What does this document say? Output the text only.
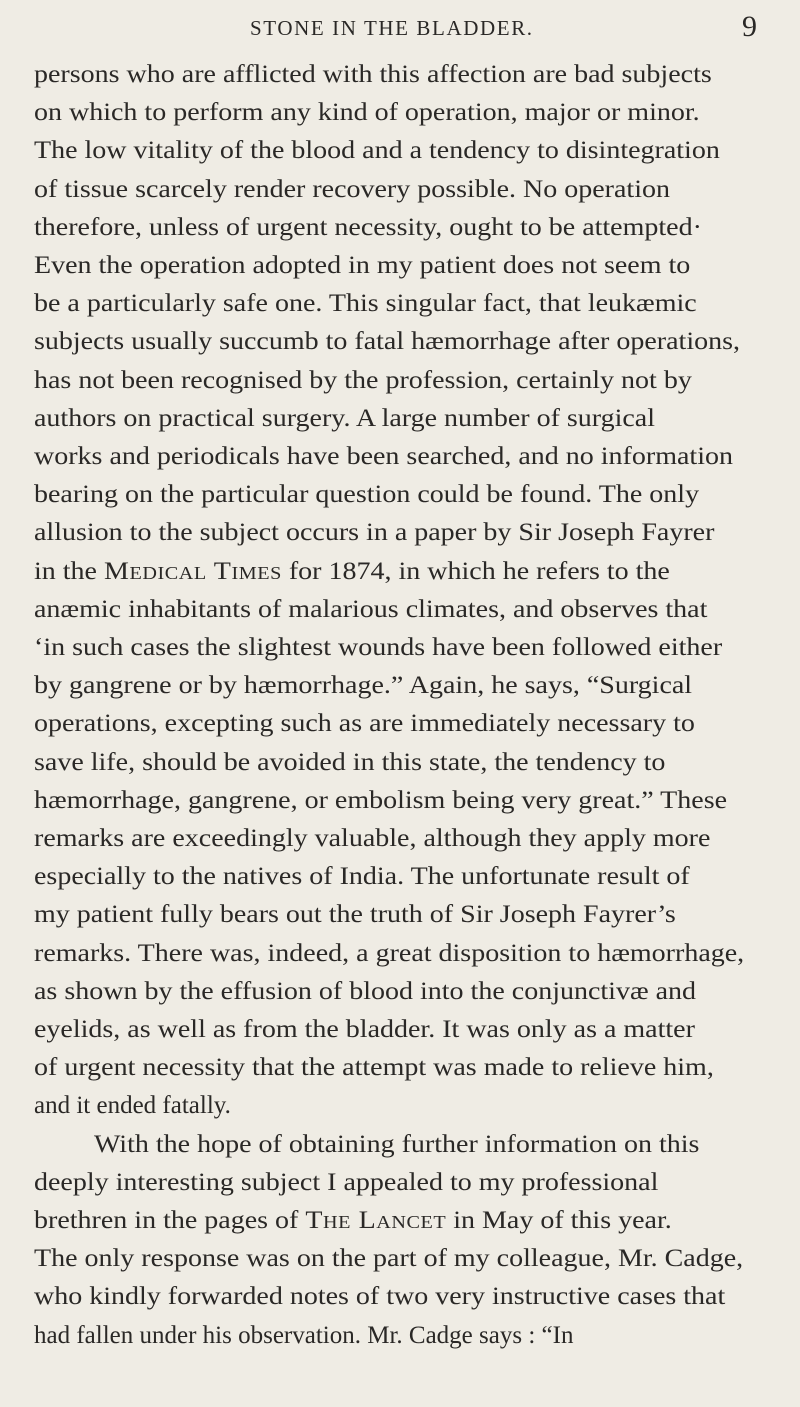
STONE IN THE BLADDER.	9
persons who are afflicted with this affection are bad subjects
on which to perform any kind of operation, major or minor.
The low vitality of the blood and a tendency to disintegration
of tissue scarcely render recovery possible. No operation
therefore, unless of urgent necessity, ought to be attempted·
Even the operation adopted in my patient does not seem to
be a particularly safe one. This singular fact, that leukæmic
subjects usually succumb to fatal hæmorrhage after operations,
has not been recognised by the profession, certainly not by
authors on practical surgery. A large number of surgical
works and periodicals have been searched, and no information
bearing on the particular question could be found. The only
allusion to the subject occurs in a paper by Sir Joseph Fayrer
in the Medical Times for 1874, in which he refers to the
anæmic inhabitants of malarious climates, and observes that
‘in such cases the slightest wounds have been followed either
by gangrene or by hæmorrhage.” Again, he says, “Surgical
operations, excepting such as are immediately necessary to
save life, should be avoided in this state, the tendency to
hæmorrhage, gangrene, or embolism being very great.” These
remarks are exceedingly valuable, although they apply more
especially to the natives of India. The unfortunate result of
my patient fully bears out the truth of Sir Joseph Fayrer’s
remarks. There was, indeed, a great disposition to hæmorrhage,
as shown by the effusion of blood into the conjunctivæ and
eyelids, as well as from the bladder. It was only as a matter
of urgent necessity that the attempt was made to relieve him,
and it ended fatally.
With the hope of obtaining further information on this
deeply interesting subject I appealed to my professional
brethren in the pages of The Lancet in May of this year.
The only response was on the part of my colleague, Mr. Cadge,
who kindly forwarded notes of two very instructive cases that
had fallen under his observation. Mr. Cadge says : “In
